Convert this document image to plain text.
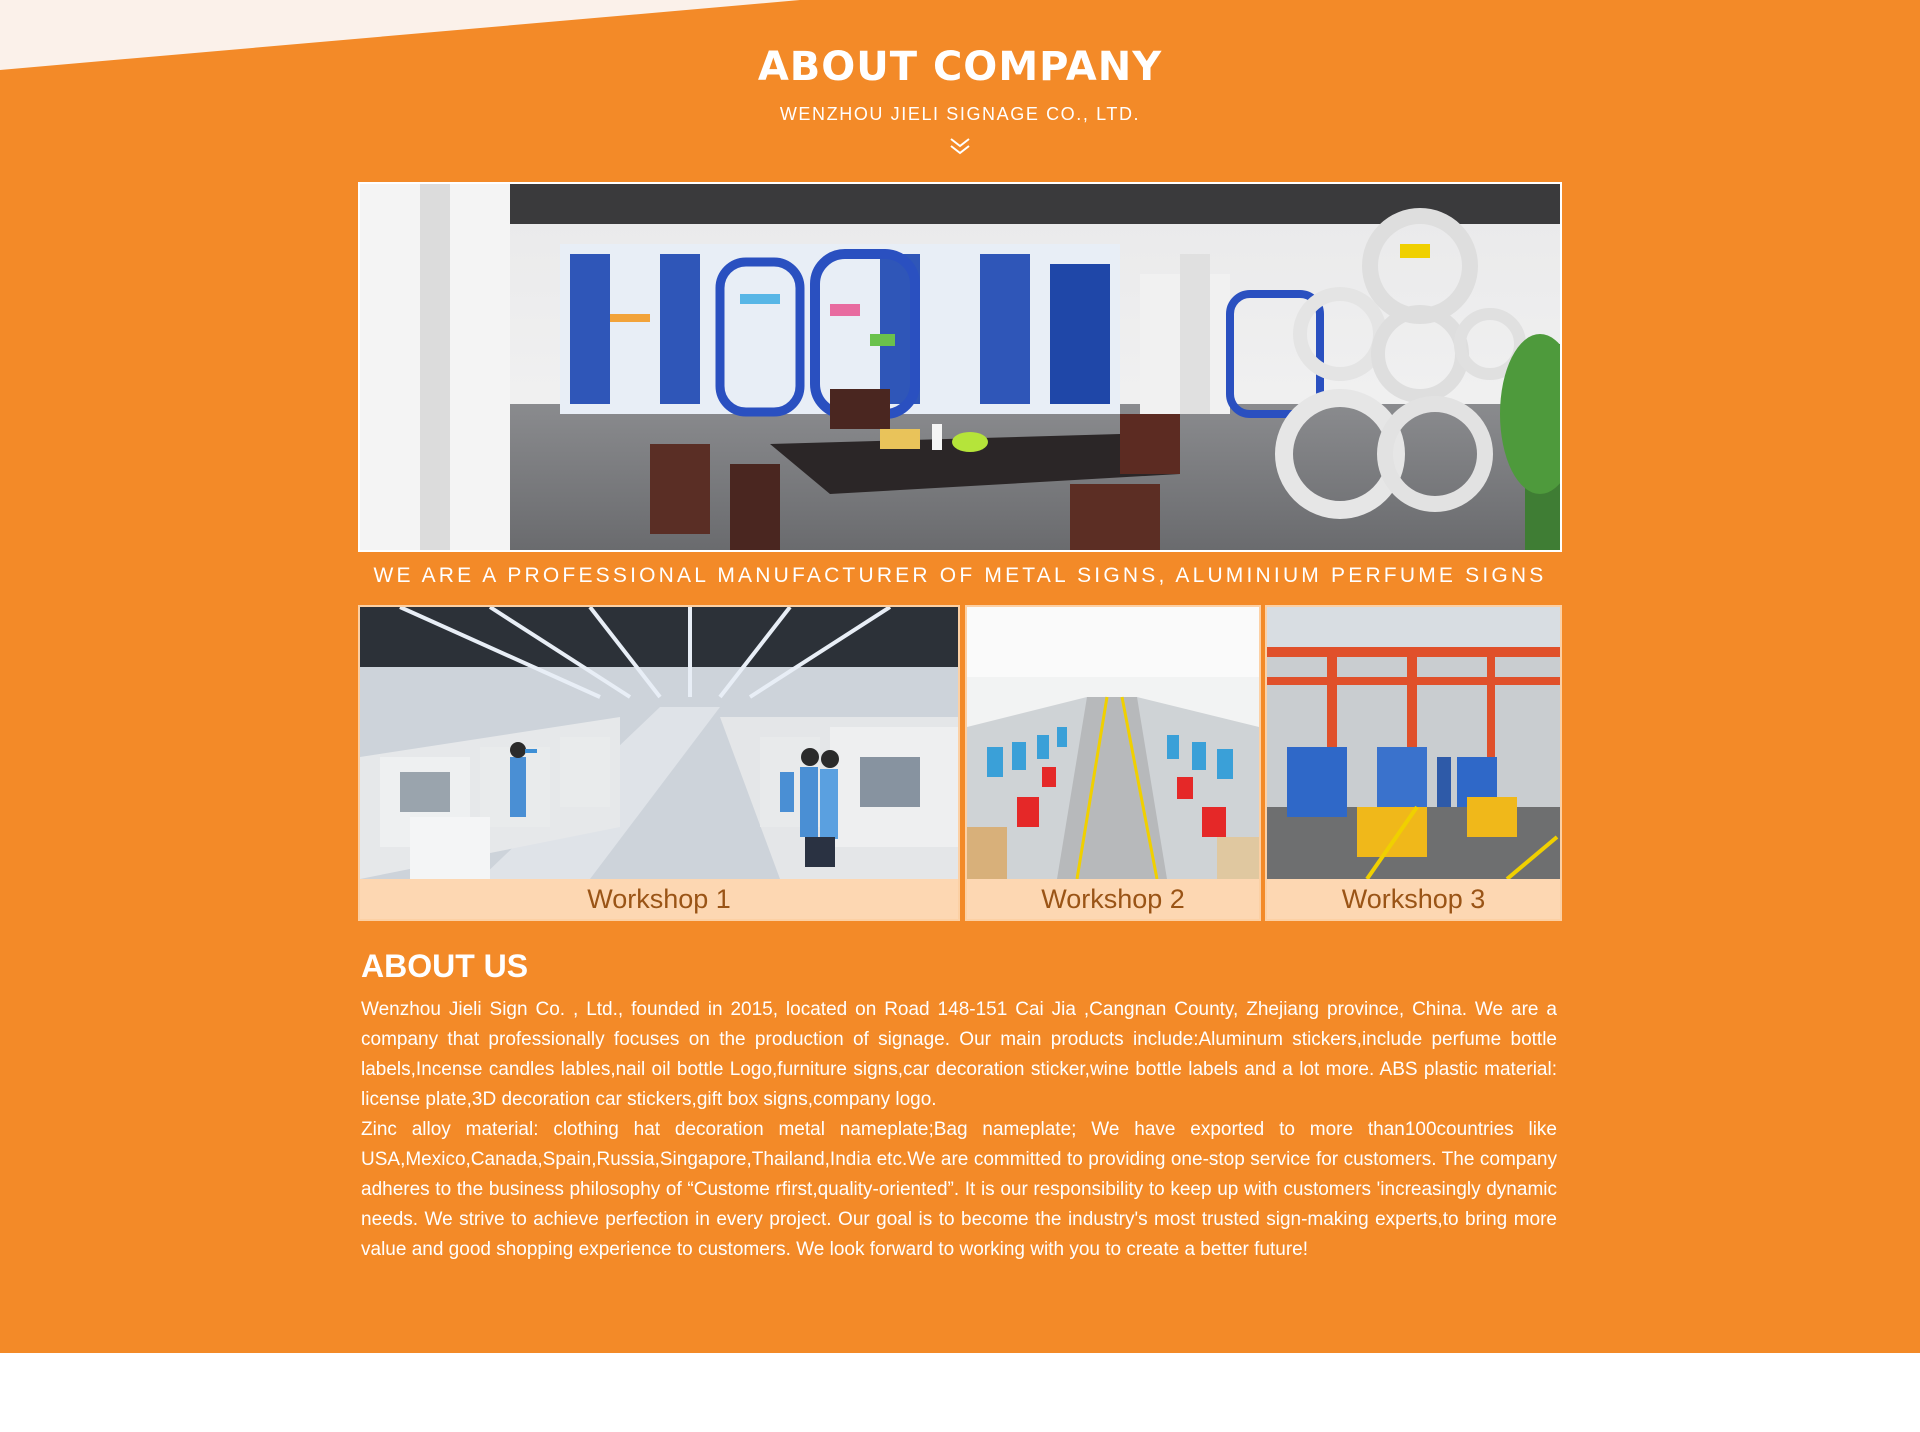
ABOUT COMPANY
WENZHOU JIELI SIGNAGE CO., LTD.
WE ARE A PROFESSIONAL MANUFACTURER OF METAL SIGNS, ALUMINIUM PERFUME SIGNS
Workshop 1	Workshop 2	Workshop 3
ABOUT US

Wenzhou Jieli Sign Co. , Ltd., founded in 2015, located on Road 148-151 Cai Jia ,Cangnan County, Zhejiang province, China. We are a company that professionally focuses on the production of signage. Our main products include:Aluminum stickers,include perfume bottle labels,Incense candles lables,nail oil bottle Logo,furniture signs,car decoration sticker,wine bottle labels and a lot more. ABS plastic material: license plate,3D decoration car stickers,gift box signs,company logo.

Zinc alloy material: clothing hat decoration metal nameplate;Bag nameplate; We have exported to more than100countries like USA,Mexico,Canada,Spain,Russia,Singapore,Thailand,India etc.We are committed to providing one-stop service for customers. The company adheres to the business philosophy of “Custome rfirst,quality-oriented”. It is our responsibility to keep up with customers 'increasingly dynamic needs. We strive to achieve perfection in every project. Our goal is to become the industry's most trusted sign-making experts,to bring more value and good shopping experience to customers. We look forward to working with you to create a better future!
